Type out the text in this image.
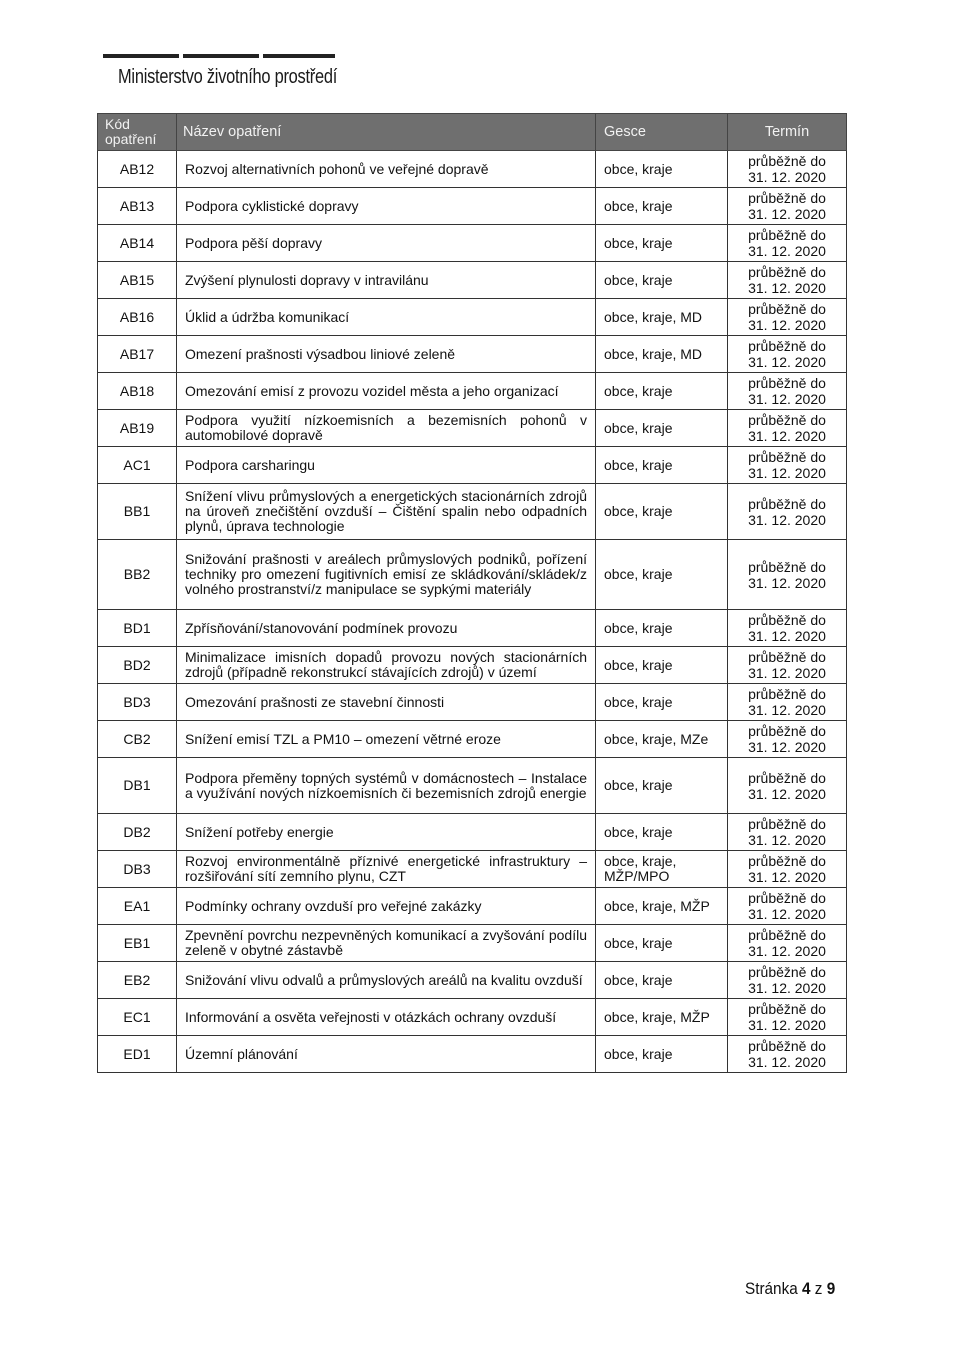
Ministerstvo životního prostředí
Kód opatření	Název opatření	Gesce	Termín
AB12	Rozvoj alternativních pohonů ve veřejné dopravě	obce, kraje	průběžně do
31. 12. 2020

AB13	Podpora cyklistické dopravy	obce, kraje	průběžně do
31. 12. 2020

AB14	Podpora pěší dopravy	obce, kraje	průběžně do
31. 12. 2020

AB15	Zvýšení plynulosti dopravy v intravilánu	obce, kraje	průběžně do
31. 12. 2020

AB16	Úklid a údržba komunikací	obce, kraje, MD	průběžně do
31. 12. 2020

AB17	Omezení prašnosti výsadbou liniové zeleně	obce, kraje, MD	průběžně do
31. 12. 2020

AB18	Omezování emisí z provozu vozidel města a jeho organizací	obce, kraje	průběžně do
31. 12. 2020

AB19	Podpora využití nízkoemisních a bezemisních pohonů v automobilové dopravě	obce, kraje	průběžně do
31. 12. 2020

AC1	Podpora carsharingu	obce, kraje	průběžně do
31. 12. 2020

BB1	Snížení vlivu průmyslových a energetických stacionárních zdrojů na úroveň znečištění ovzduší – Čištění spalin nebo odpadních plynů, úprava technologie	obce, kraje	průběžně do
31. 12. 2020

BB2	Snižování prašnosti v areálech průmyslových podniků, pořízení techniky pro omezení fugitivních emisí ze skládkování/skládek/z volného prostranství/z manipulace se sypkými materiály	obce, kraje	průběžně do
31. 12. 2020

BD1	Zpřísňování/stanovování podmínek provozu	obce, kraje	průběžně do
31. 12. 2020

BD2	Minimalizace imisních dopadů provozu nových stacionárních zdrojů (případně rekonstrukcí stávajících zdrojů) v území	obce, kraje	průběžně do
31. 12. 2020

BD3	Omezování prašnosti ze stavební činnosti	obce, kraje	průběžně do
31. 12. 2020

CB2	Snížení emisí TZL a PM10 – omezení větrné eroze	obce, kraje, MZe	průběžně do
31. 12. 2020

DB1	Podpora přeměny topných systémů v domácnostech – Instalace a využívání nových nízkoemisních či bezemisních zdrojů energie	obce, kraje	průběžně do
31. 12. 2020

DB2	Snížení potřeby energie	obce, kraje	průběžně do
31. 12. 2020

DB3	Rozvoj environmentálně příznivé energetické infrastruktury – rozšiřování sítí zemního plynu, CZT	obce, kraje, MŽP/MPO	průběžně do
31. 12. 2020

EA1	Podmínky ochrany ovzduší pro veřejné zakázky	obce, kraje, MŽP	průběžně do
31. 12. 2020

EB1	Zpevnění povrchu nezpevněných komunikací a zvyšování podílu zeleně v obytné zástavbě	obce, kraje	průběžně do
31. 12. 2020

EB2	Snižování vlivu odvalů a průmyslových areálů na kvalitu ovzduší	obce, kraje	průběžně do
31. 12. 2020

EC1	Informování a osvěta veřejnosti v otázkách ochrany ovzduší	obce, kraje, MŽP	průběžně do
31. 12. 2020

ED1	Územní plánování	obce, kraje	průběžně do
31. 12. 2020
Stránka 4 z 9
